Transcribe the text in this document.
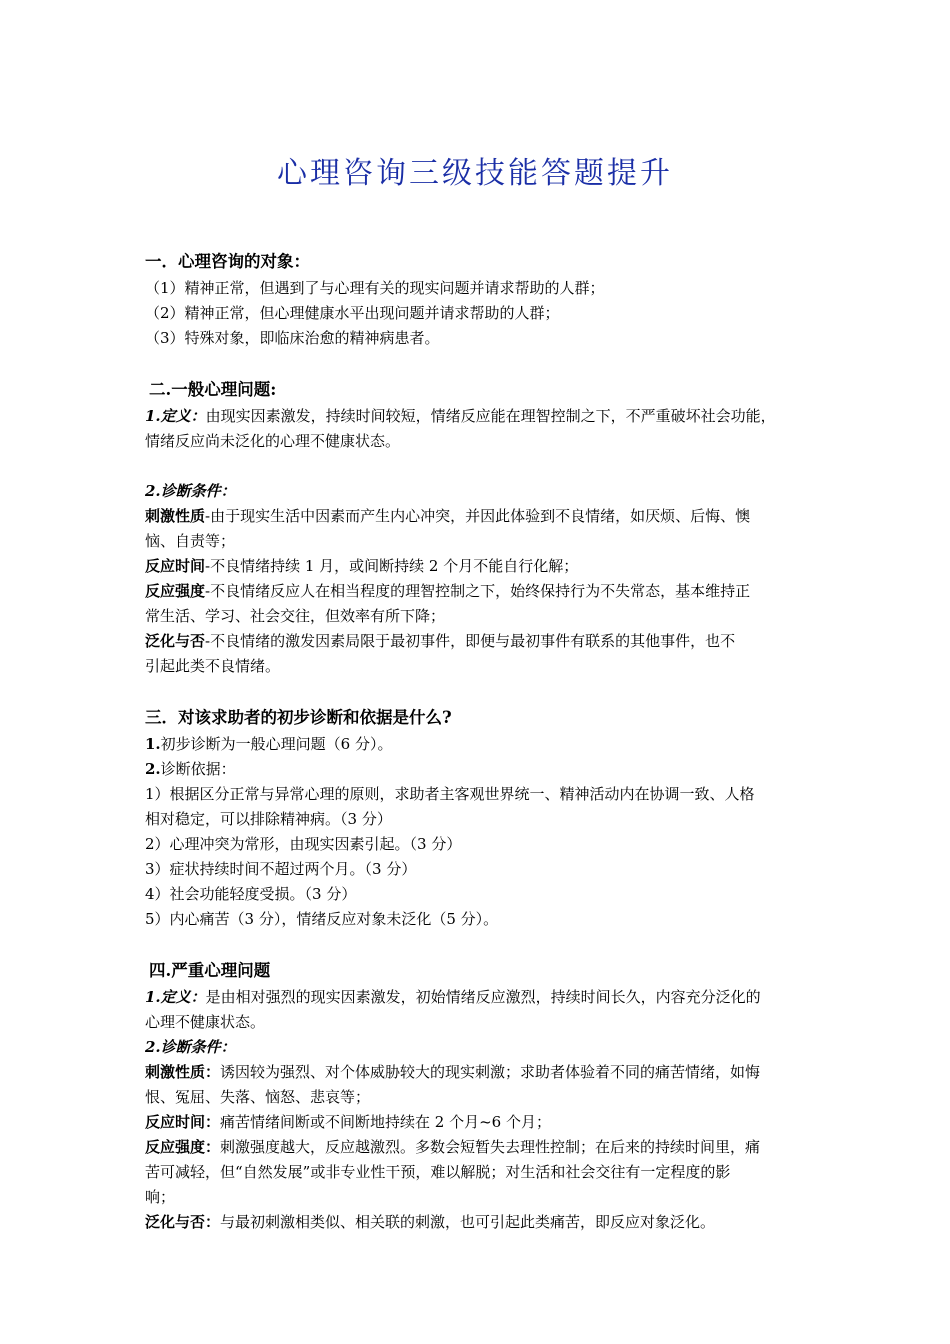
心理咨询三级技能答题提升
一．心理咨询的对象：
（1）精神正常，但遇到了与心理有关的现实问题并请求帮助的人群；
（2）精神正常，但心理健康水平出现问题并请求帮助的人群；
（3）特殊对象，即临床治愈的精神病患者。
二.一般心理问题:
1.定义：由现实因素激发，持续时间较短，情绪反应能在理智控制之下，不严重破坏社会功能，
情绪反应尚未泛化的心理不健康状态。
2.诊断条件：
刺激性质-由于现实生活中因素而产生内心冲突，并因此体验到不良情绪，如厌烦、后悔、懊
恼、自责等；
反应时间-不良情绪持续 1 月，或间断持续 2 个月不能自行化解；
反应强度-不良情绪反应人在相当程度的理智控制之下，始终保持行为不失常态，基本维持正
常生活、学习、社会交往，但效率有所下降；
泛化与否-不良情绪的激发因素局限于最初事件，即便与最初事件有联系的其他事件，也不
引起此类不良情绪。
三．对该求助者的初步诊断和依据是什么?
1.初步诊断为一般心理问题（6 分）。
2.诊断依据：
1）根据区分正常与异常心理的原则，求助者主客观世界统一、精神活动内在协调一致、人格
相对稳定，可以排除精神病。（3 分）
2）心理冲突为常形，由现实因素引起。（3 分）
3）症状持续时间不超过两个月。（3 分）
4）社会功能轻度受损。（3 分）
5）内心痛苦（3 分），情绪反应对象未泛化（5 分）。
四.严重心理问题
1.定义：是由相对强烈的现实因素激发，初始情绪反应激烈，持续时间长久，内容充分泛化的
心理不健康状态。
2.诊断条件：
刺激性质：诱因较为强烈、对个体威胁较大的现实刺激；求助者体验着不同的痛苦情绪，如悔
恨、冤屈、失落、恼怒、悲哀等；
反应时间：痛苦情绪间断或不间断地持续在 2 个月~6 个月；
反应强度：刺激强度越大，反应越激烈。多数会短暂失去理性控制；在后来的持续时间里，痛
苦可减轻，但“自然发展”或非专业性干预，难以解脱；对生活和社会交往有一定程度的影
响；
泛化与否：与最初刺激相类似、相关联的刺激，也可引起此类痛苦，即反应对象泛化。
